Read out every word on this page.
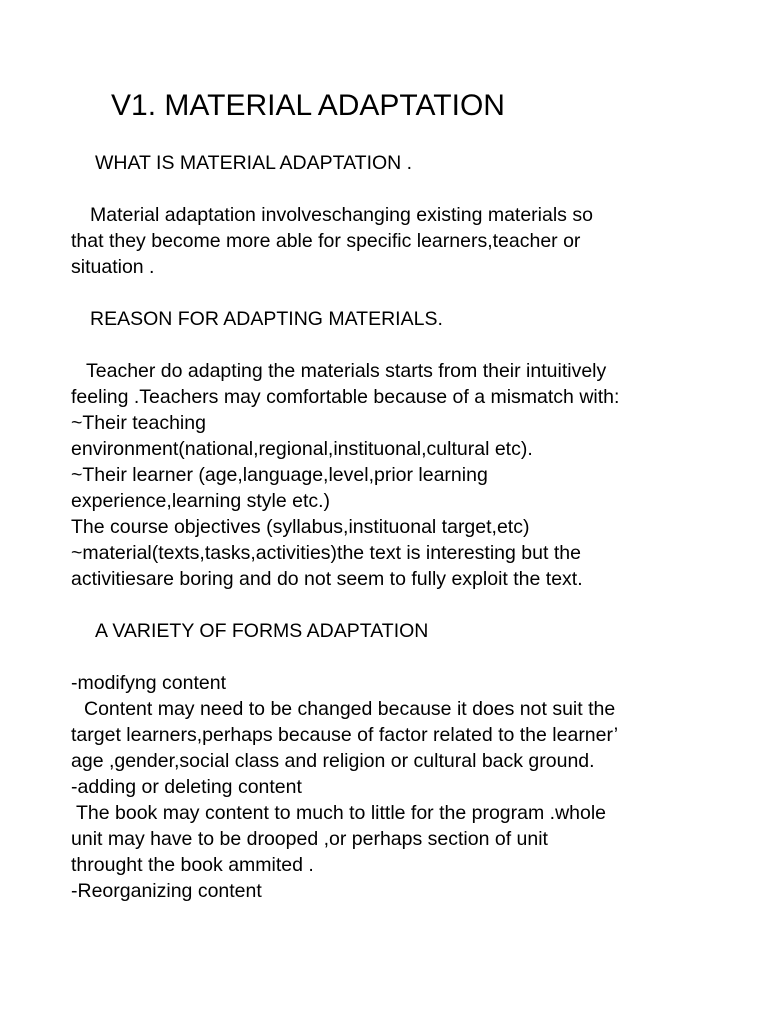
V1. MATERIAL ADAPTATION
WHAT IS MATERIAL ADAPTATION .
Material adaptation involveschanging existing materials so
that they become more able for specific learners,teacher or
situation .
REASON FOR ADAPTING MATERIALS.
Teacher do adapting the materials starts from their intuitively
feeling .Teachers may comfortable because of a mismatch with:
~Their teaching
environment(national,regional,instituonal,cultural etc).
~Their learner (age,language,level,prior learning
experience,learning style etc.)
The course objectives (syllabus,instituonal target,etc)
~material(texts,tasks,activities)the text is interesting but the
activitiesare boring and do not seem to fully exploit the text.
A VARIETY OF FORMS ADAPTATION
-modifyng content
Content may need to be changed because it does not suit the
target learners,perhaps because of factor related to the learner’
age ,gender,social class and religion or cultural back ground.
-adding or deleting content
The book may content to much to little for the program .whole
unit may have to be drooped ,or perhaps section of unit
throught the book ammited .
-Reorganizing content
